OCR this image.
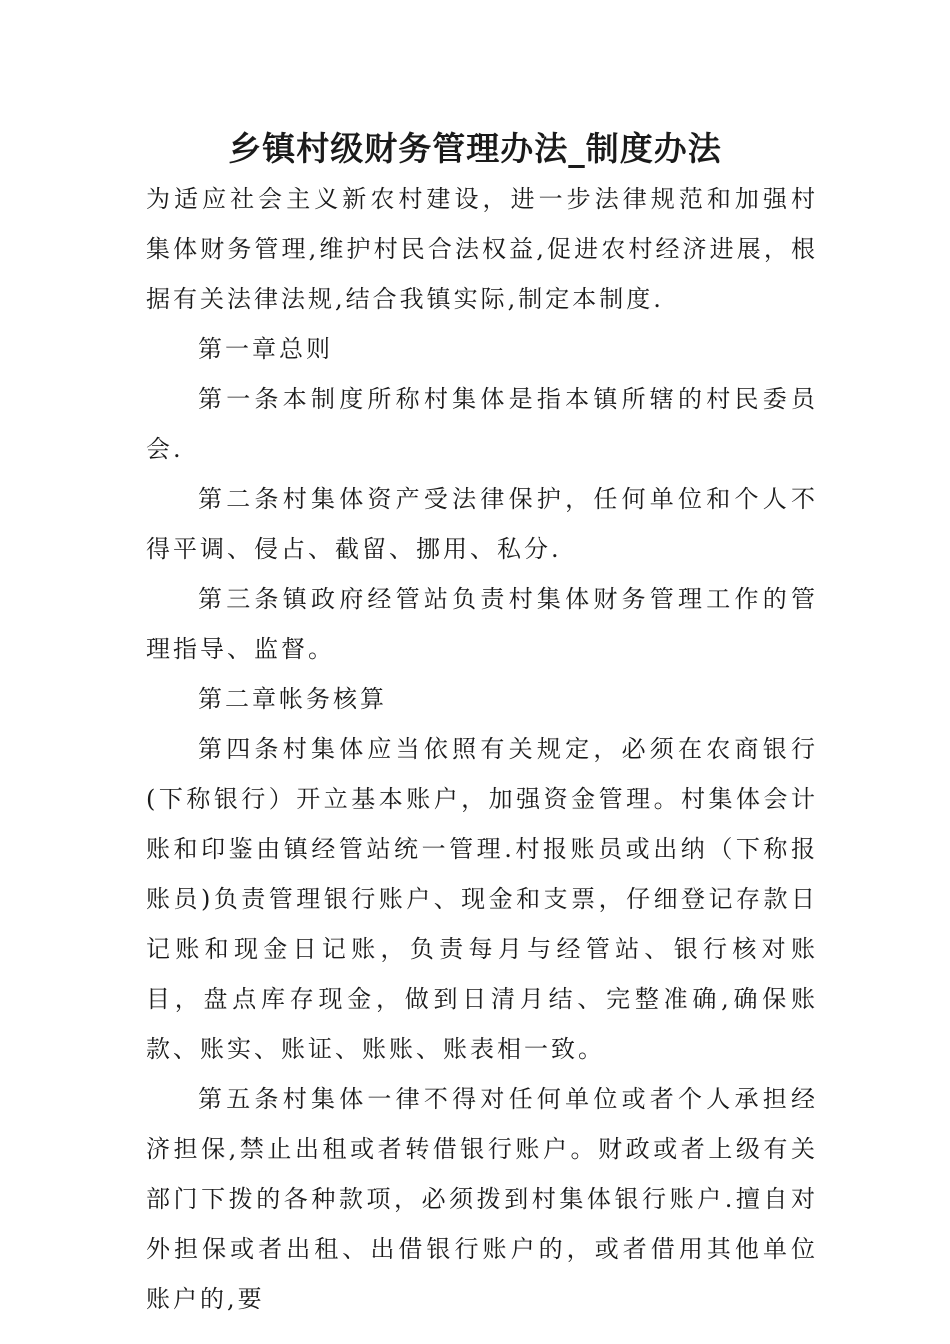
乡镇村级财务管理办法_制度办法

为适应社会主义新农村建设，进一步法律规范和加强村集体财务管理,维护村民合法权益,促进农村经济进展，根据有关法律法规,结合我镇实际,制定本制度.

第一章总则

第一条本制度所称村集体是指本镇所辖的村民委员会.

第二条村集体资产受法律保护，任何单位和个人不得平调、侵占、截留、挪用、私分.

第三条镇政府经管站负责村集体财务管理工作的管理指导、监督。

第二章帐务核算

第四条村集体应当依照有关规定，必须在农商银行(下称银行）开立基本账户，加强资金管理。村集体会计账和印鉴由镇经管站统一管理.村报账员或出纳（下称报账员)负责管理银行账户、现金和支票，仔细登记存款日记账和现金日记账，负责每月与经管站、银行核对账目，盘点库存现金，做到日清月结、完整准确,确保账款、账实、账证、账账、账表相一致。

第五条村集体一律不得对任何单位或者个人承担经济担保,禁止出租或者转借银行账户。财政或者上级有关部门下拨的各种款项，必须拨到村集体银行账户.擅自对外担保或者出租、出借银行账户的，或者借用其他单位账户的,要
